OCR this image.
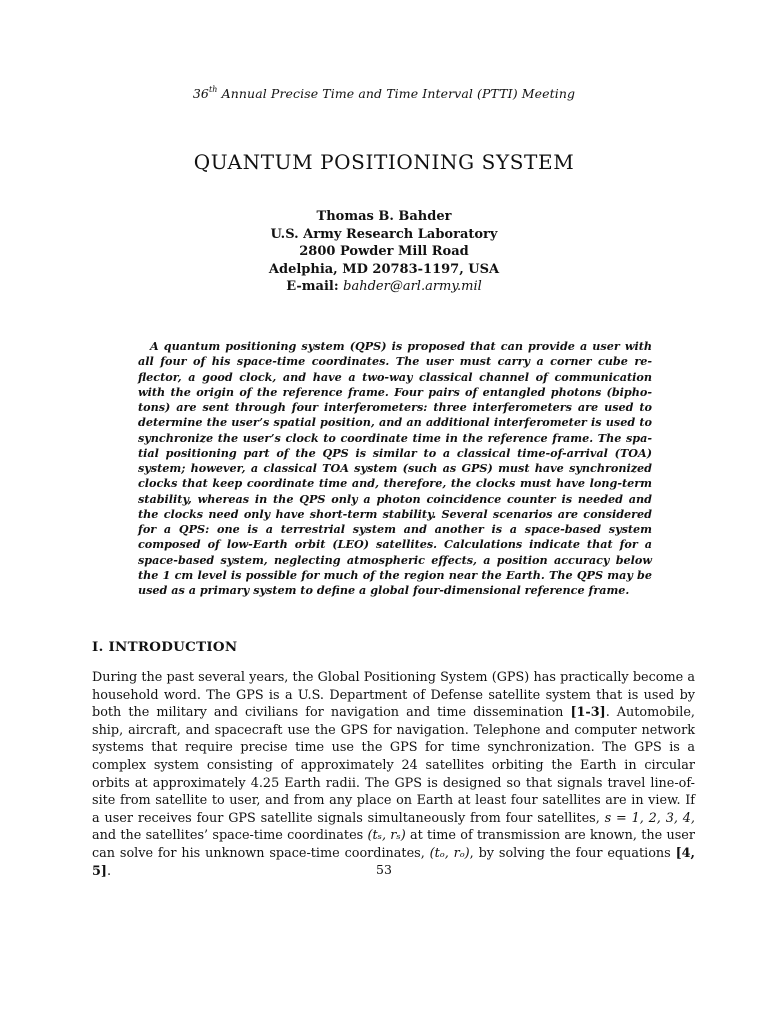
36th Annual Precise Time and Time Interval (PTTI) Meeting
QUANTUM POSITIONING SYSTEM
Thomas B. Bahder
U.S. Army Research Laboratory
2800 Powder Mill Road
Adelphia, MD 20783-1197, USA
E-mail: bahder@arl.army.mil

A quantum positioning system (QPS) is proposed that can provide a user with all four of his space-time coordinates. The user must carry a corner cube reflector, a good clock, and have a two-way classical channel of communication with the origin of the reference frame. Four pairs of entangled photons (biphotons) are sent through four interferometers: three interferometers are used to determine the user’s spatial position, and an additional interferometer is used to synchronize the user’s clock to coordinate time in the reference frame. The spatial positioning part of the QPS is similar to a classical time-of-arrival (TOA) system; however, a classical TOA system (such as GPS) must have synchronized clocks that keep coordinate time and, therefore, the clocks must have long-term stability, whereas in the QPS only a photon coincidence counter is needed and the clocks need only have short-term stability. Several scenarios are considered for a QPS: one is a terrestrial system and another is a space-based system composed of low-Earth orbit (LEO) satellites. Calculations indicate that for a space-based system, neglecting atmospheric effects, a position accuracy below the 1 cm level is possible for much of the region near the Earth. The QPS may be used as a primary system to define a global four-dimensional reference frame.

I. INTRODUCTION

During the past several years, the Global Positioning System (GPS) has practically become a household word. The GPS is a U.S. Department of Defense satellite system that is used by both the military and civilians for navigation and time dissemination [1-3]. Automobile, ship, aircraft, and spacecraft use the GPS for navigation. Telephone and computer network systems that require precise time use the GPS for time synchronization. The GPS is a complex system consisting of approximately 24 satellites orbiting the Earth in circular orbits at approximately 4.25 Earth radii. The GPS is designed so that signals travel line-of-site from satellite to user, and from any place on Earth at least four satellites are in view. If a user receives four GPS satellite signals simultaneously from four satellites, s = 1, 2, 3, 4, and the satellites’ space-time coordinates (tₛ, rₛ) at time of transmission are known, the user can solve for his unknown space-time coordinates, (tₒ, rₒ), by solving the four equations [4, 5].	53
